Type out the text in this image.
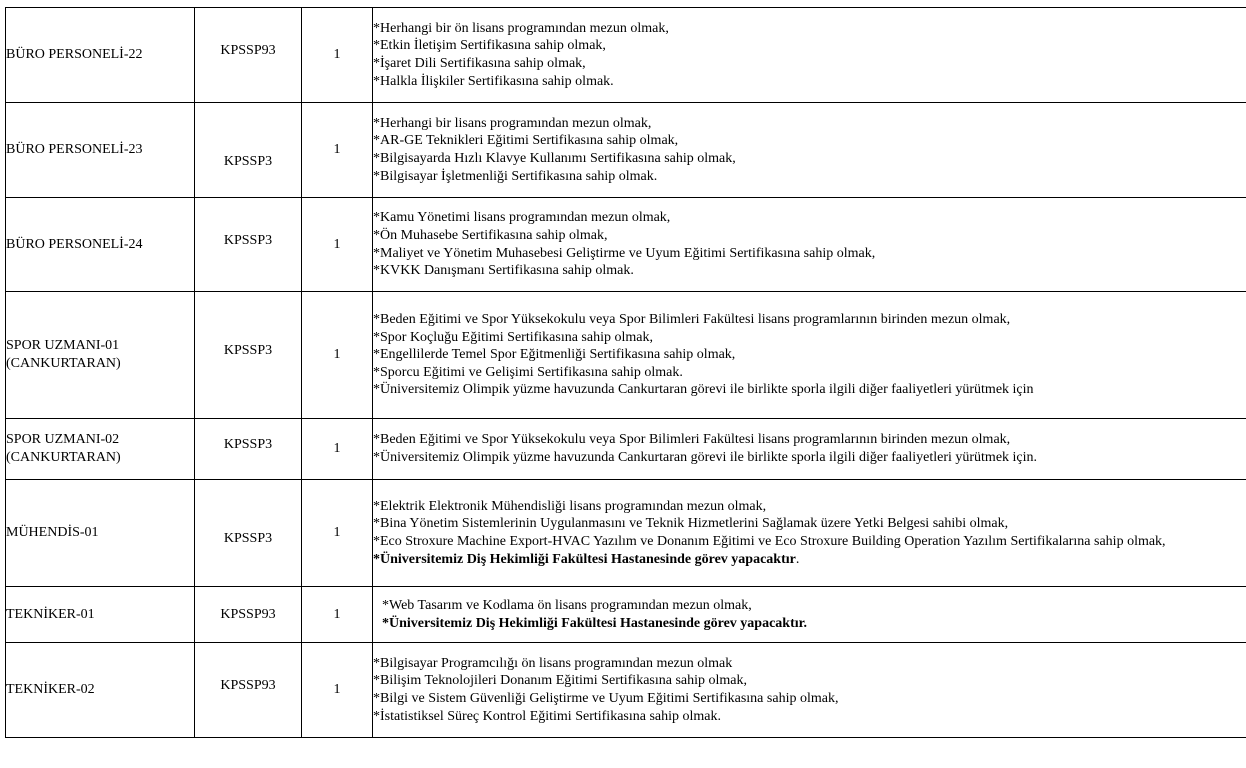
BÜRO PERSONELİ-22	KPSSP93	1	*Herhangi bir ön lisans programından mezun olmak,
*Etkin İletişim Sertifikasına sahip olmak,
*İşaret Dili Sertifikasına sahip olmak,
*Halkla İlişkiler Sertifikasına sahip olmak.

BÜRO PERSONELİ-23	KPSSP3	1	*Herhangi bir lisans programından mezun olmak,
*AR-GE Teknikleri Eğitimi Sertifikasına sahip olmak,
*Bilgisayarda Hızlı Klavye Kullanımı Sertifikasına sahip olmak,
*Bilgisayar İşletmenliği Sertifikasına sahip olmak.

BÜRO PERSONELİ-24	KPSSP3	1	*Kamu Yönetimi lisans programından mezun olmak,
*Ön Muhasebe Sertifikasına sahip olmak,
*Maliyet ve Yönetim Muhasebesi Geliştirme ve Uyum Eğitimi Sertifikasına sahip olmak,
*KVKK Danışmanı Sertifikasına sahip olmak.

SPOR UZMANI-01
(CANKURTARAN)	KPSSP3	1	*Beden Eğitimi ve Spor Yüksekokulu veya Spor Bilimleri Fakültesi lisans programlarının birinden mezun olmak,
*Spor Koçluğu Eğitimi Sertifikasına sahip olmak,
*Engellilerde Temel Spor Eğitmenliği Sertifikasına sahip olmak,
*Sporcu Eğitimi ve Gelişimi Sertifikasına sahip olmak.
*Üniversitemiz Olimpik yüzme havuzunda Cankurtaran görevi ile birlikte sporla ilgili diğer faaliyetleri yürütmek için

SPOR UZMANI-02
(CANKURTARAN)	KPSSP3	1	*Beden Eğitimi ve Spor Yüksekokulu veya Spor Bilimleri Fakültesi lisans programlarının birinden mezun olmak,
*Üniversitemiz Olimpik yüzme havuzunda Cankurtaran görevi ile birlikte sporla ilgili diğer faaliyetleri yürütmek için.

MÜHENDİS-01	KPSSP3	1	*Elektrik Elektronik Mühendisliği lisans programından mezun olmak,
*Bina Yönetim Sistemlerinin Uygulanmasını ve Teknik Hizmetlerini Sağlamak üzere Yetki Belgesi sahibi olmak,
*Eco Stroxure Machine Export-HVAC Yazılım ve Donanım Eğitimi ve Eco Stroxure Building Operation Yazılım Sertifikalarına sahip olmak,
*Üniversitemiz Diş Hekimliği Fakültesi Hastanesinde görev yapacaktır.

TEKNİKER-01	KPSSP93	1	*Web Tasarım ve Kodlama ön lisans programından mezun olmak,
*Üniversitemiz Diş Hekimliği Fakültesi Hastanesinde görev yapacaktır.

TEKNİKER-02	KPSSP93	1	*Bilgisayar Programcılığı ön lisans programından mezun olmak
*Bilişim Teknolojileri Donanım Eğitimi Sertifikasına sahip olmak,
*Bilgi ve Sistem Güvenliği Geliştirme ve Uyum Eğitimi Sertifikasına sahip olmak,
*İstatistiksel Süreç Kontrol Eğitimi Sertifikasına sahip olmak.
